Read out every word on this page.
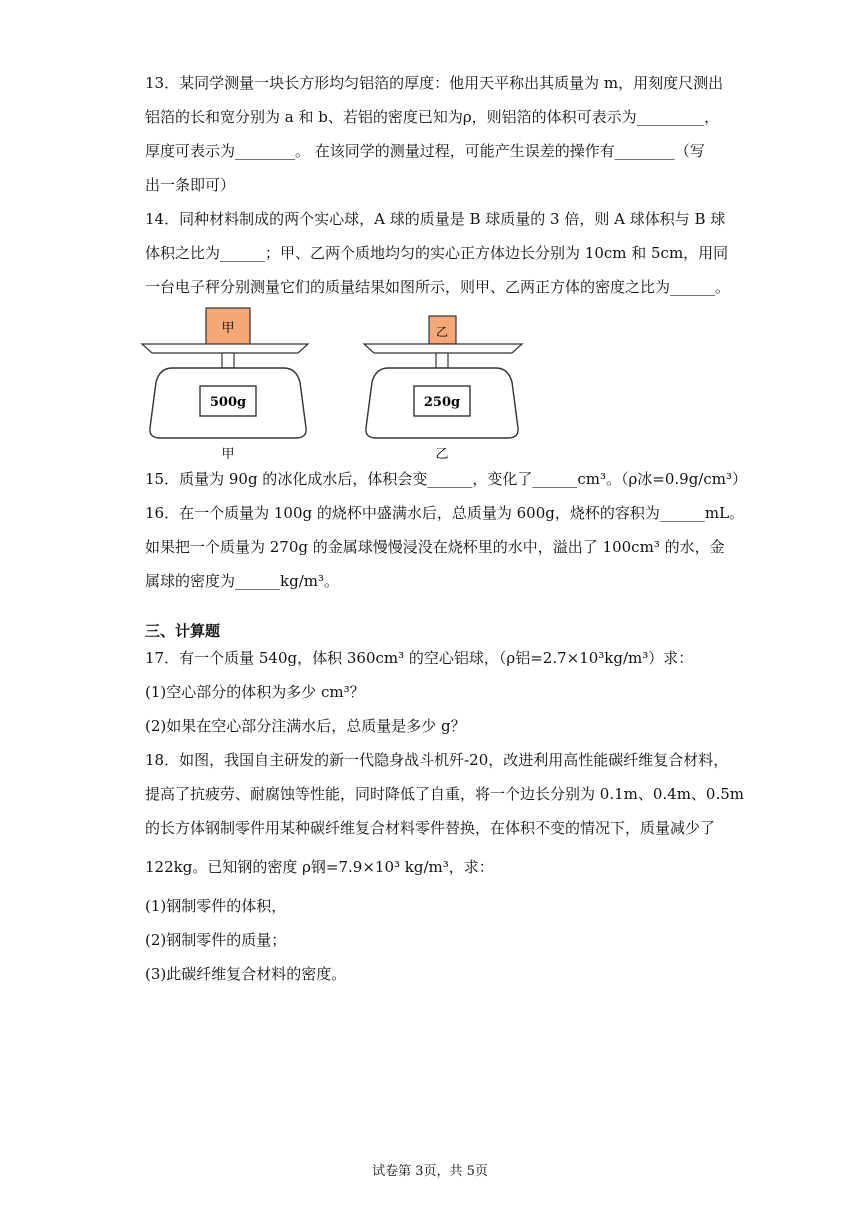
13．某同学测量一块长方形均匀铝箔的厚度：他用天平称出其质量为 m，用刻度尺测出
铝箔的长和宽分别为 a 和 b、若铝的密度已知为ρ，则铝箔的体积可表示为_________，
厚度可表示为________。 在该同学的测量过程，可能产生误差的操作有________（写
出一条即可）
14．同种材料制成的两个实心球，A 球的质量是 B 球质量的 3 倍，则 A 球体积与 B 球
体积之比为______；甲、乙两个质地均匀的实心正方体边长分别为 10cm 和 5cm，用同
一台电子秤分别测量它们的质量结果如图所示，则甲、乙两正方体的密度之比为______。
甲
500g
甲
乙
250g
乙
15．质量为 90g 的冰化成水后，体积会变______，变化了______cm³。（ρ冰=0.9g/cm³）
16．在一个质量为 100g 的烧杯中盛满水后，总质量为 600g，烧杯的容积为______mL。
如果把一个质量为 270g 的金属球慢慢浸没在烧杯里的水中，溢出了 100cm³ 的水，金
属球的密度为______kg/m³。
三、计算题
17．有一个质量 540g，体积 360cm³ 的空心铝球，（ρ铝=2.7×10³kg/m³）求：
(1)空心部分的体积为多少 cm³？
(2)如果在空心部分注满水后，总质量是多少 g？
18．如图，我国自主研发的新一代隐身战斗机歼-20，改进利用高性能碳纤维复合材料，
提高了抗疲劳、耐腐蚀等性能，同时降低了自重，将一个边长分别为 0.1m、0.4m、0.5m
的长方体钢制零件用某种碳纤维复合材料零件替换，在体积不变的情况下，质量减少了
122kg。已知钢的密度 ρ钢=7.9×10³ kg/m³，求：
(1)钢制零件的体积，
(2)钢制零件的质量；
(3)此碳纤维复合材料的密度。
试卷第 3页，共 5页
